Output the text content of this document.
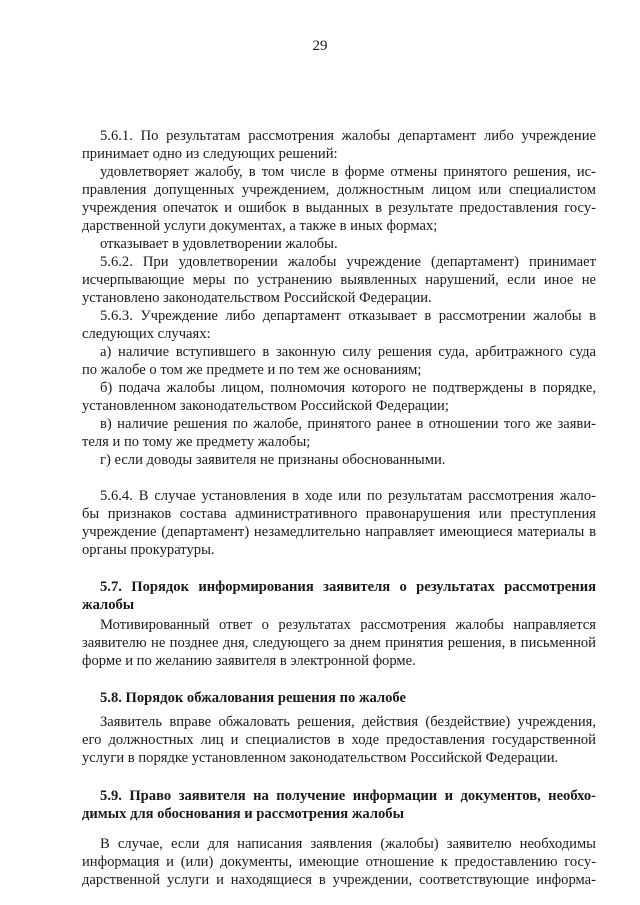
29
5.6.1. По результатам рассмотрения жалобы департамент либо учреждение
принимает одно из следующих решений:
удовлетворяет жалобу, в том числе в форме отмены принятого решения, ис-
правления допущенных учреждением, должностным лицом или специалистом
учреждения опечаток и ошибок в выданных в результате предоставления госу-
дарственной услуги документах, а также в иных формах;
отказывает в удовлетворении жалобы.
5.6.2. При удовлетворении жалобы учреждение (департамент) принимает
исчерпывающие меры по устранению выявленных нарушений, если иное не
установлено законодательством Российской Федерации.
5.6.3. Учреждение либо департамент отказывает в рассмотрении жалобы в
следующих случаях:
а) наличие вступившего в законную силу решения суда, арбитражного суда
по жалобе о том же предмете и по тем же основаниям;
б) подача жалобы лицом, полномочия которого не подтверждены в порядке,
установленном законодательством Российской Федерации;
в) наличие решения по жалобе, принятого ранее в отношении того же заяви-
теля и по тому же предмету жалобы;
г) если доводы заявителя не признаны обоснованными.
5.6.4. В случае установления в ходе или по результатам рассмотрения жало-
бы признаков состава административного правонарушения или преступления
учреждение (департамент) незамедлительно направляет имеющиеся материалы в
органы прокуратуры.
5.7. Порядок информирования заявителя о результатах рассмотрения
жалобы
Мотивированный ответ о результатах рассмотрения жалобы направляется
заявителю не позднее дня, следующего за днем принятия решения, в письменной
форме и по желанию заявителя в электронной форме.
5.8. Порядок обжалования решения по жалобе
Заявитель вправе обжаловать решения, действия (бездействие) учреждения,
его должностных лиц и специалистов в ходе предоставления государственной
услуги в порядке установленном законодательством Российской Федерации.
5.9. Право заявителя на получение информации и документов, необхо-
димых для обоснования и рассмотрения жалобы
В случае, если для написания заявления (жалобы) заявителю необходимы
информация и (или) документы, имеющие отношение к предоставлению госу-
дарственной услуги и находящиеся в учреждении, соответствующие информа-
